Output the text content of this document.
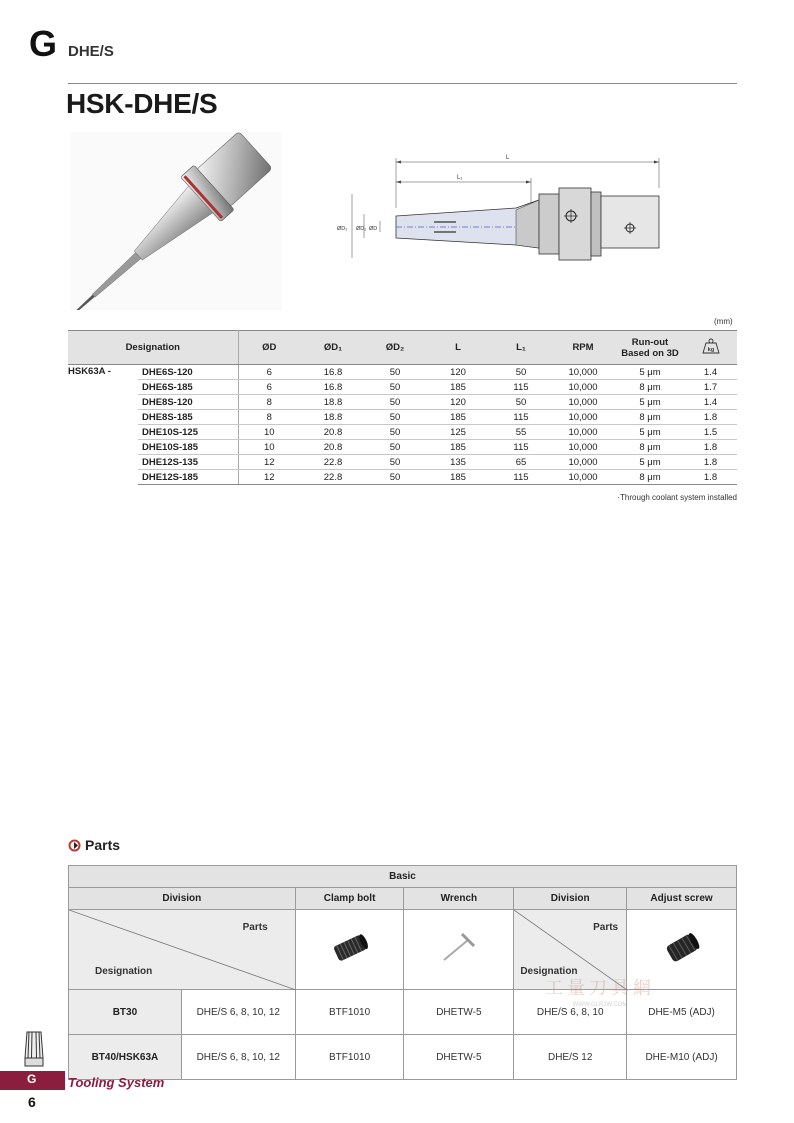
G DHE/S
HSK-DHE/S
L
L₁
ØD₂ ØD₁ ØD
(mm)
Designation		ØD	ØD₁	ØD₂	L	L₁	RPM	Run-out
Based on 3D	kg

HSK63A -	DHE6S-120	6	16.8	50	120	50	10,000	5 μm	1.4
	DHE6S-185	6	16.8	50	185	115	10,000	8 μm	1.7
	DHE8S-120	8	18.8	50	120	50	10,000	5 μm	1.4
	DHE8S-185	8	18.8	50	185	115	10,000	8 μm	1.8
	DHE10S-125	10	20.8	50	125	55	10,000	5 μm	1.5
	DHE10S-185	10	20.8	50	185	115	10,000	8 μm	1.8
	DHE12S-135	12	22.8	50	135	65	10,000	5 μm	1.8
	DHE12S-185	12	22.8	50	185	115	10,000	8 μm	1.8
·Through coolant system installed
Parts
Basic					
Division		Clamp bolt	Wrench	Division	Adjust screw

Parts
Designation				Parts
Designation

BT30	DHE/S 6, 8, 10, 12	BTF1010	DHETW-5	DHE/S 6, 8, 10	DHE-M5 (ADJ)
BT40/HSK63A	DHE/S 6, 8, 10, 12	BTF1010	DHETW-5	DHE/S 12	DHE-M10 (ADJ)
工量刀具網
WWW.GLRJW.COM
G Tooling System
6
